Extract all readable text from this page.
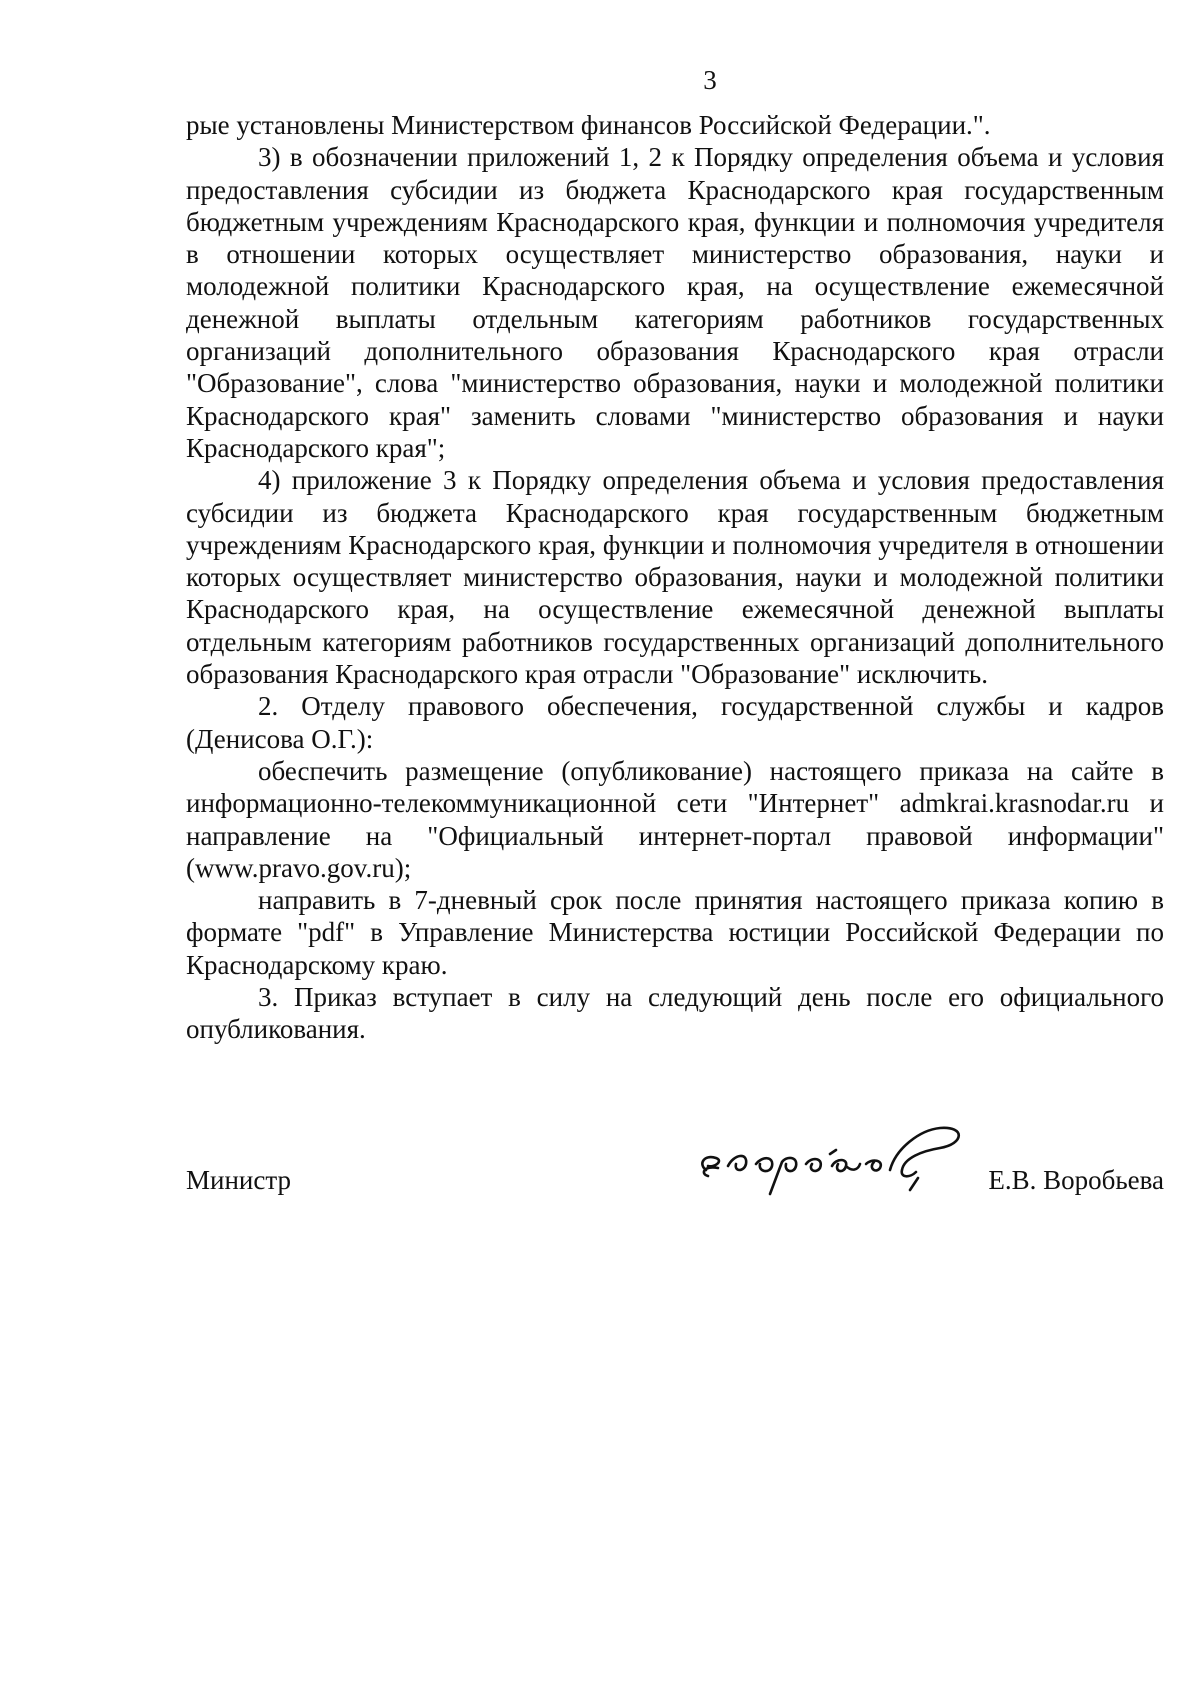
3

рые установлены Министерством финансов Российской Федерации.".

3) в обозначении приложений 1, 2 к Порядку определения объема и условия предоставления субсидии из бюджета Краснодарского края государственным бюджетным учреждениям Краснодарского края, функции и полномочия учредителя в отношении которых осуществляет министерство образования, науки и молодежной политики Краснодарского края, на осуществление ежемесячной денежной выплаты отдельным категориям работников государственных организаций дополнительного образования Краснодарского края отрасли "Образование", слова "министерство образования, науки и молодежной политики Краснодарского края" заменить словами "министерство образования и науки Краснодарского края";

4) приложение 3 к Порядку определения объема и условия предоставления субсидии из бюджета Краснодарского края государственным бюджетным учреждениям Краснодарского края, функции и полномочия учредителя в отношении которых осуществляет министерство образования, науки и молодежной политики Краснодарского края, на осуществление ежемесячной денежной выплаты отдельным категориям работников государственных организаций дополнительного образования Краснодарского края отрасли "Образование" исключить.

2. Отделу правового обеспечения, государственной службы и кадров (Денисова О.Г.):

обеспечить размещение (опубликование) настоящего приказа на сайте в информационно-телекоммуникационной сети "Интернет" admkrai.krasnodar.ru и направление на "Официальный интернет-портал правовой информации" (www.pravo.gov.ru);

направить в 7-дневный срок после принятия настоящего приказа копию в формате "pdf" в Управление Министерства юстиции Российской Федерации по Краснодарскому краю.

3. Приказ вступает в силу на следующий день после его официального опубликования.

Министр	Е.В. Воробьева
